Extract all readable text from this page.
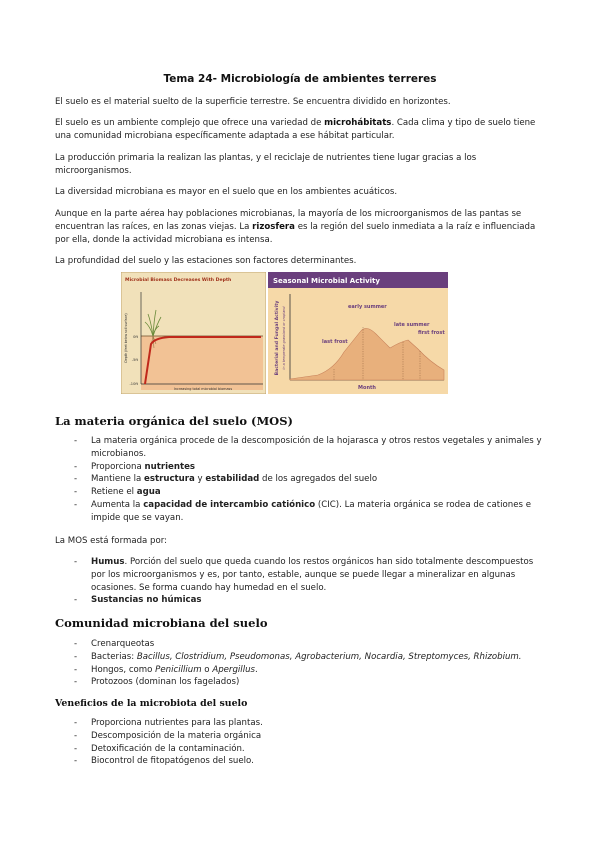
Tema 24- Microbiología de ambientes terreres

El suelo es el material suelto de la superficie terrestre. Se encuentra dividido en horizontes.

El suelo es un ambiente complejo que ofrece una variedad de microhábitats. Cada clima y tipo de suelo tiene una comunidad microbiana específicamente adaptada a ese hábitat particular.

La producción primaria la realizan las plantas, y el reciclaje de nutrientes tiene lugar gracias a los microorganismos.

La diversidad microbiana es mayor en el suelo que en los ambientes acuáticos.

Aunque en la parte aérea hay poblaciones microbianas, la mayoría de los microorganismos de las pantas se encuentran las raíces, en las zonas viejas. La rizosfera es la región del suelo inmediata a la raíz e influenciada por ella, donde la actividad microbiana es intensa.

La profundidad del suelo y las estaciones son factores determinantes.

Microbial Biomass Decreases With Depth
0ft
-5ft
-10ft
Increasing total microbial biomass
Depth (feet below soil surface)
Seasonal Microbial Activity
last frost
early summer
late summer
first frost
Month
Bacterial and Fungal Activity in a temperate grassland or cropland
La materia orgánica del suelo (MOS)
- La materia orgánica procede de la descomposición de la hojarasca y otros restos vegetales y animales y microbianos.
- Proporciona nutrientes
- Mantiene la estructura y estabilidad de los agregados del suelo
- Retiene el agua
- Aumenta la capacidad de intercambio catiónico (CIC). La materia orgánica se rodea de cationes e impide que se vayan.

La MOS está formada por:

- Humus. Porción del suelo que queda cuando los restos orgánicos han sido totalmente descompuestos por los microorganismos y es, por tanto, estable, aunque se puede llegar a mineralizar en algunas ocasiones. Se forma cuando hay humedad en el suelo.
- Sustancias no húmicas
Comunidad microbiana del suelo
- Crenarqueotas
- Bacterias: Bacillus, Clostridium, Pseudomonas, Agrobacterium, Nocardia, Streptomyces, Rhizobium.
- Hongos, como Penicillium o Apergillus.
- Protozoos (dominan los fagelados)
Veneficios de la microbiota del suelo
- Proporciona nutrientes para las plantas.
- Descomposición de la materia orgánica
- Detoxificación de la contaminación.
- Biocontrol de fitopatógenos del suelo.
